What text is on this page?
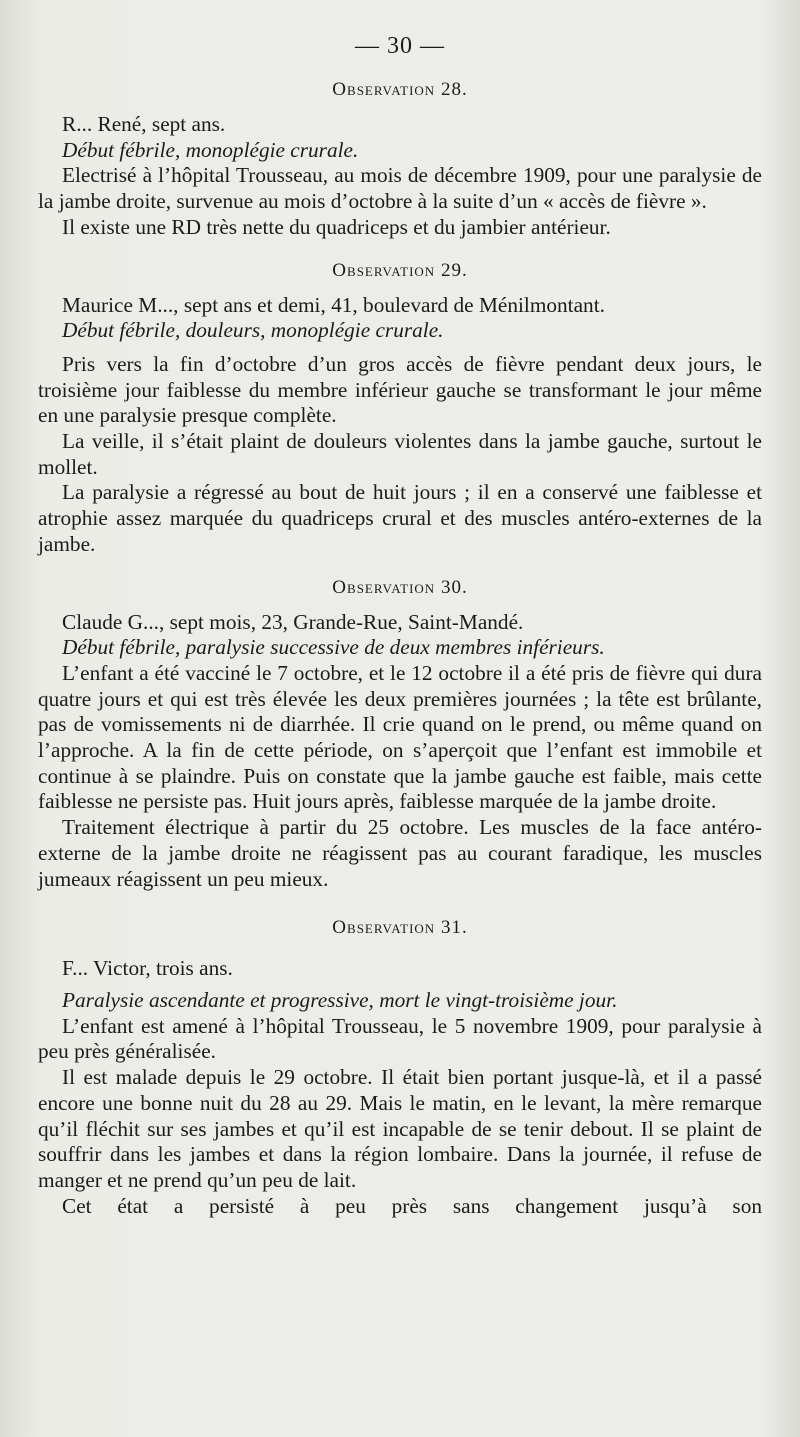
— 30 —
Observation 28.

R... René, sept ans.

Début fébrile, monoplégie crurale.

Electrisé à l’hôpital Trousseau, au mois de décembre 1909, pour une paralysie de la jambe droite, survenue au mois d’octobre à la suite d’un « accès de fièvre ».

Il existe une RD très nette du quadriceps et du jambier antérieur.

Observation 29.

Maurice M..., sept ans et demi, 41, boulevard de Ménilmontant.

Début fébrile, douleurs, monoplégie crurale.

Pris vers la fin d’octobre d’un gros accès de fièvre pendant deux jours, le troisième jour faiblesse du membre inférieur gauche se transformant le jour même en une paralysie presque complète.

La veille, il s’était plaint de douleurs violentes dans la jambe gauche, surtout le mollet.

La paralysie a régressé au bout de huit jours ; il en a conservé une faiblesse et atrophie assez marquée du quadriceps crural et des muscles antéro-externes de la jambe.

Observation 30.

Claude G..., sept mois, 23, Grande-Rue, Saint-Mandé.

Début fébrile, paralysie successive de deux membres inférieurs.

L’enfant a été vacciné le 7 octobre, et le 12 octobre il a été pris de fièvre qui dura quatre jours et qui est très élevée les deux premières journées ; la tête est brûlante, pas de vomissements ni de diarrhée. Il crie quand on le prend, ou même quand on l’approche. A la fin de cette période, on s’aperçoit que l’enfant est immobile et continue à se plaindre. Puis on constate que la jambe gauche est faible, mais cette faiblesse ne persiste pas. Huit jours après, faiblesse marquée de la jambe droite.

Traitement électrique à partir du 25 octobre. Les muscles de la face antéro-externe de la jambe droite ne réagissent pas au courant faradique, les muscles jumeaux réagissent un peu mieux.

Observation 31.

F... Victor, trois ans.

Paralysie ascendante et progressive, mort le vingt-troisième jour.

L’enfant est amené à l’hôpital Trousseau, le 5 novembre 1909, pour paralysie à peu près généralisée.

Il est malade depuis le 29 octobre. Il était bien portant jusque-là, et il a passé encore une bonne nuit du 28 au 29. Mais le matin, en le levant, la mère remarque qu’il fléchit sur ses jambes et qu’il est incapable de se tenir debout. Il se plaint de souffrir dans les jambes et dans la région lombaire. Dans la journée, il refuse de manger et ne prend qu’un peu de lait.

Cet état a persisté à peu près sans changement jusqu’à son
